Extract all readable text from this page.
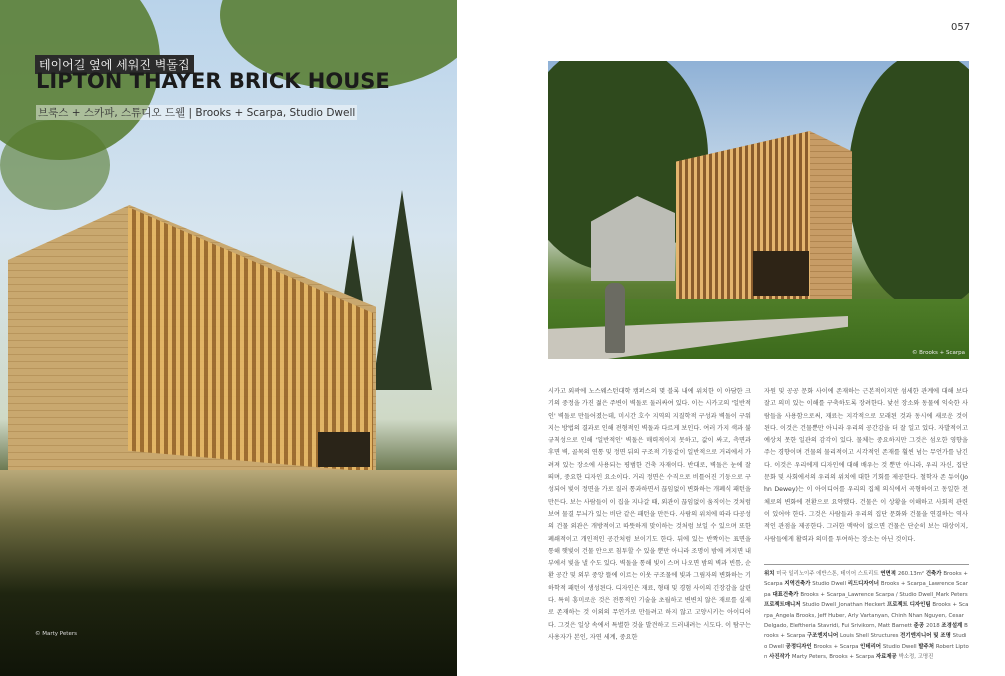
© Marty Peters
테이어길 옆에 세워진 벽돌집
LIPTON THAYER BRICK HOUSE
브룩스 + 스카파, 스튜디오 드웰 | Brooks + Scarpa, Studio Dwell
057
© Brooks + Scarpa

시카고 외곽에 노스웨스턴대학 캠퍼스의 몇 블록 내에 위치한 이 아담한 크기의 중정을 가진 젊은 주변이 벽돌로 둘러싸여 있다. 이는 시카고의 '일반적인' 벽돌로 만들어졌는데, 미시간 호수 지역의 지질학적 구성과 벽돌이 구워지는 방법의 결과로 인해 전형적인 벽돌과 다르게 보인다. 여러 가지 색과 불규칙성으로 인해 '일반적인' 벽돌은 매력적이지 못하고, 값이 싸고, 측면과 후면 벽, 골목의 연통 및 정면 뒤의 구조적 기둥같이 일반적으로 거리에서 가려져 있는 장소에 사용되는 평범한 건축 자재이다. 반대로, 벽돌은 눈에 잘 띄며, 중요한 디자인 요소이다. 거리 정면은 수직으로 비틀어진 기둥으로 구성되어 빛이 정면을 가로 질러 통과하면서 끊임없이 변화하는 개폐식 패턴을 만든다. 보는 사람들이 이 집을 지나갈 때, 외관이 끊임없이 움직이는 것처럼 보여 물결 무늬가 있는 비단 같은 패턴을 만든다. 사람의 위치에 따라 다공성의 건물 외관은 개방적이고 따뜻하게 맞이하는 것처럼 보일 수 있으며 또한 폐쇄적이고 개인적인 공간처럼 보이기도 한다. 뒤에 있는 반짝이는 표면을 통해 햇빛이 건물 안으로 침투할 수 있을 뿐만 아니라 조명이 밤에 켜지면 내부에서 빛을 낼 수도 있다. 벽돌을 통해 빛이 스며 나오면 밤의 벽과 빈틈, 순환 공간 및 외부 중앙 뜰에 이르는 이웃 구조물에 빛과 그림자의 변화하는 기하학적 패턴이 생성된다. 디자인은 재료, 형태 및 경험 사이의 긴장감을 살린다. 특히 흥미로운 것은 전통적인 기술을 초월하고 변변치 않은 재료를 실제로 존재하는 것 이외의 무언가로 만들려고 하지 않고 고양시키는 아이디어다. 그것은 일상 속에서 특별한 것을 발견하고 드러내려는 시도다. 이 탐구는 사용자가 본인, 자연 세계, 중요한

자원 및 공공 문화 사이에 존재하는 근본적이지만 섬세한 관계에 대해 보다 잘고 의미 있는 이해를 구축하도록 장려한다. 낯선 장소와 동물에 익숙한 사람들을 사용함으로써, 재료는 지각적으로 모래된 것과 동시에 새로운 것이 된다. 이것은 건물뿐만 아니라 우리의 공간감을 더 잘 일고 있다. 자발적이고 예상치 못한 일관의 감각이 있다. 물체는 중요하지만 그것은 섬오한 영향을 주는 경향이며 건물의 물리적이고 시각적인 존재를 훨씬 넘는 무언가를 남긴다. 이것은 우리에게 디자인에 대해 배우는 것 뿐만 아니라, 우리 자신, 집단 문화 및 사회에서의 우리의 위치에 대한 기회를 제공한다. 철학자 존 듀이(John Dewey)는 이 아이디어를 우리의 집체 의식에서 곡형하이고 동일한 전체로의 변화에 전환으로 요약했다. 건물은 이 상황을 이해하고 사회적 관련이 있어야 한다. 그것은 사람들과 우리의 집단 문화와 건물을 연결하는 역사적인 관점을 제공한다. 그러한 맥락이 없으면 건물은 단순히 보는 대상이지, 사람들에게 활력과 의미를 투여하는 장소는 아닌 것이다.

위치 미국 일리노이주 에반스톤, 테이어 스트리트 연면적 260.13m² 건축가 Brooks + Scarpa 지역건축가 Studio Dwell 리드디자이너 Brooks + Scarpa_Lawrence Scarpa 대표건축가 Brooks + Scarpa_Lawrence Scarpa / Studio Dwell_Mark Peters 프로젝트매니저 Studio Dwell_Jonathan Heckert 프로젝트 디자인팀 Brooks + Scarpa_Angela Brooks, Jeff Huber, Arly Vartanyan, Chinh Nhan Nguyen, Cesar Delgado, Eleftheria Stavridi, Fui Srivikorn, Matt Barnett 준공 2018 조경설계 Brooks + Scarpa 구조엔지니어 Louis Shell Structures 전기엔지니어 및 조명 Studio Dwell 공정디자인 Brooks + Scarpa 인테리어 Studio Dwell 발주처 Robert Lipton 사진작가 Marty Peters, Brooks + Scarpa 자료제공 박소정, 고명진
